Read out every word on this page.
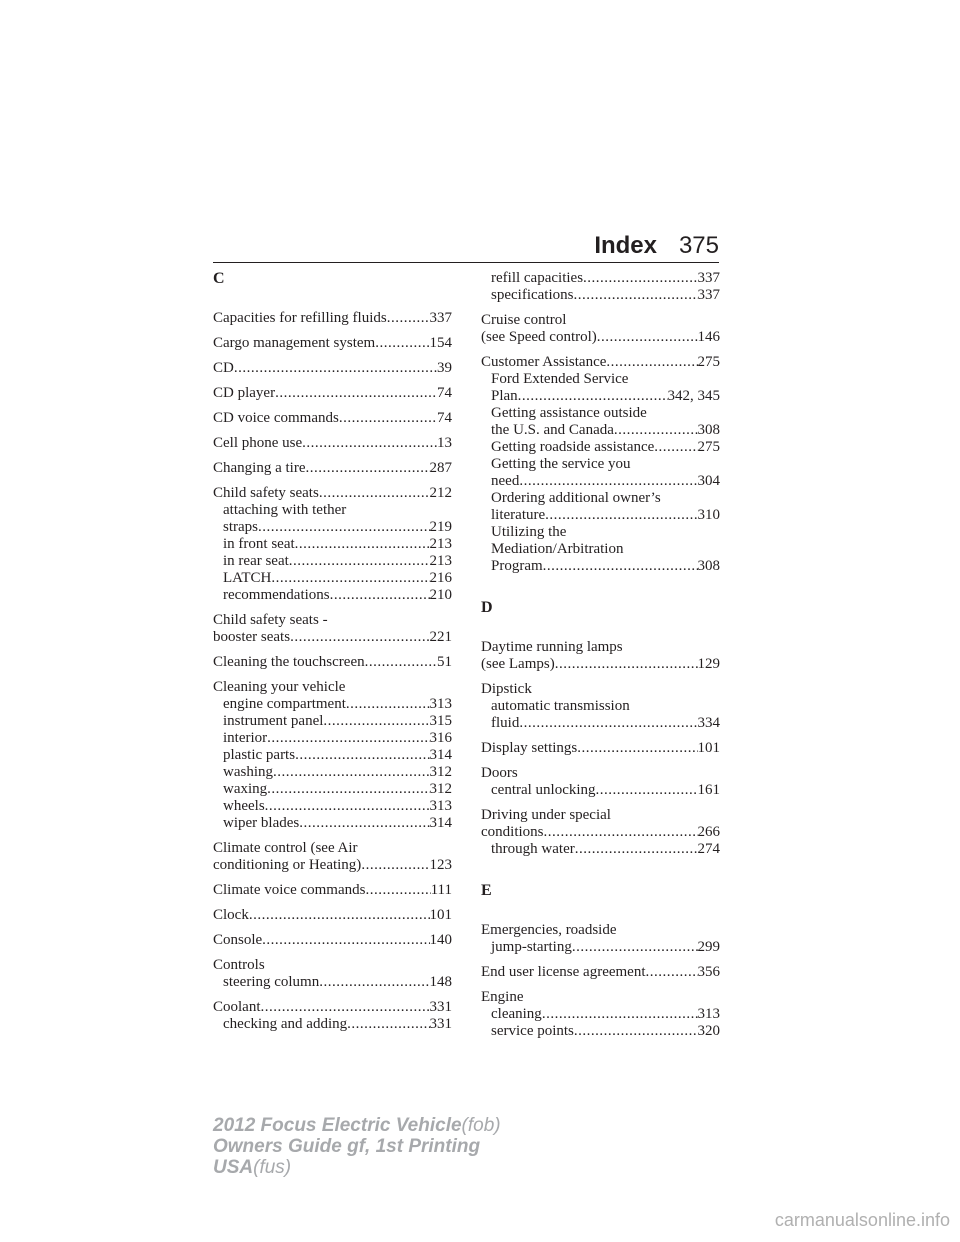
Index 375
C
Capacities for refilling fluids .....	337
Cargo management system .....	154
CD .....	39
CD player .....	74
CD voice commands .....	74
Cell phone use .....	13
Changing a tire .....	287
Child safety seats .....	212
attaching with tether
straps .....	219
in front seat .....	213
in rear seat .....	213
LATCH .....	216
recommendations .....	210
Child safety seats -
booster seats .....	221
Cleaning the touchscreen .....	51
Cleaning your vehicle
engine compartment .....	313
instrument panel .....	315
interior .....	316
plastic parts .....	314
washing .....	312
waxing .....	312
wheels .....	313
wiper blades .....	314
Climate control (see Air
conditioning or Heating) .....	123
Climate voice commands .....	111
Clock .....	101
Console .....	140
Controls
steering column .....	148
Coolant .....	331
checking and adding .....	331
refill capacities .....	337
specifications .....	337
Cruise control
(see Speed control) .....	146
Customer Assistance .....	275
Ford Extended Service
Plan .....	342, 345
Getting assistance outside
the U.S. and Canada .....	308
Getting roadside assistance .....	275
Getting the service you
need .....	304
Ordering additional owner’s
literature .....	310
Utilizing the
Mediation/Arbitration
Program .....	308
D
Daytime running lamps
(see Lamps) .....	129
Dipstick
automatic transmission
fluid .....	334
Display settings .....	101
Doors
central unlocking .....	161
Driving under special
conditions .....	266
through water .....	274
E
Emergencies, roadside
jump-starting .....	299
End user license agreement .....	356
Engine
cleaning .....	313
service points .....	320
2012 Focus Electric Vehicle(fob)
Owners Guide gf, 1st Printing
USA(fus)
carmanualsonline.info
